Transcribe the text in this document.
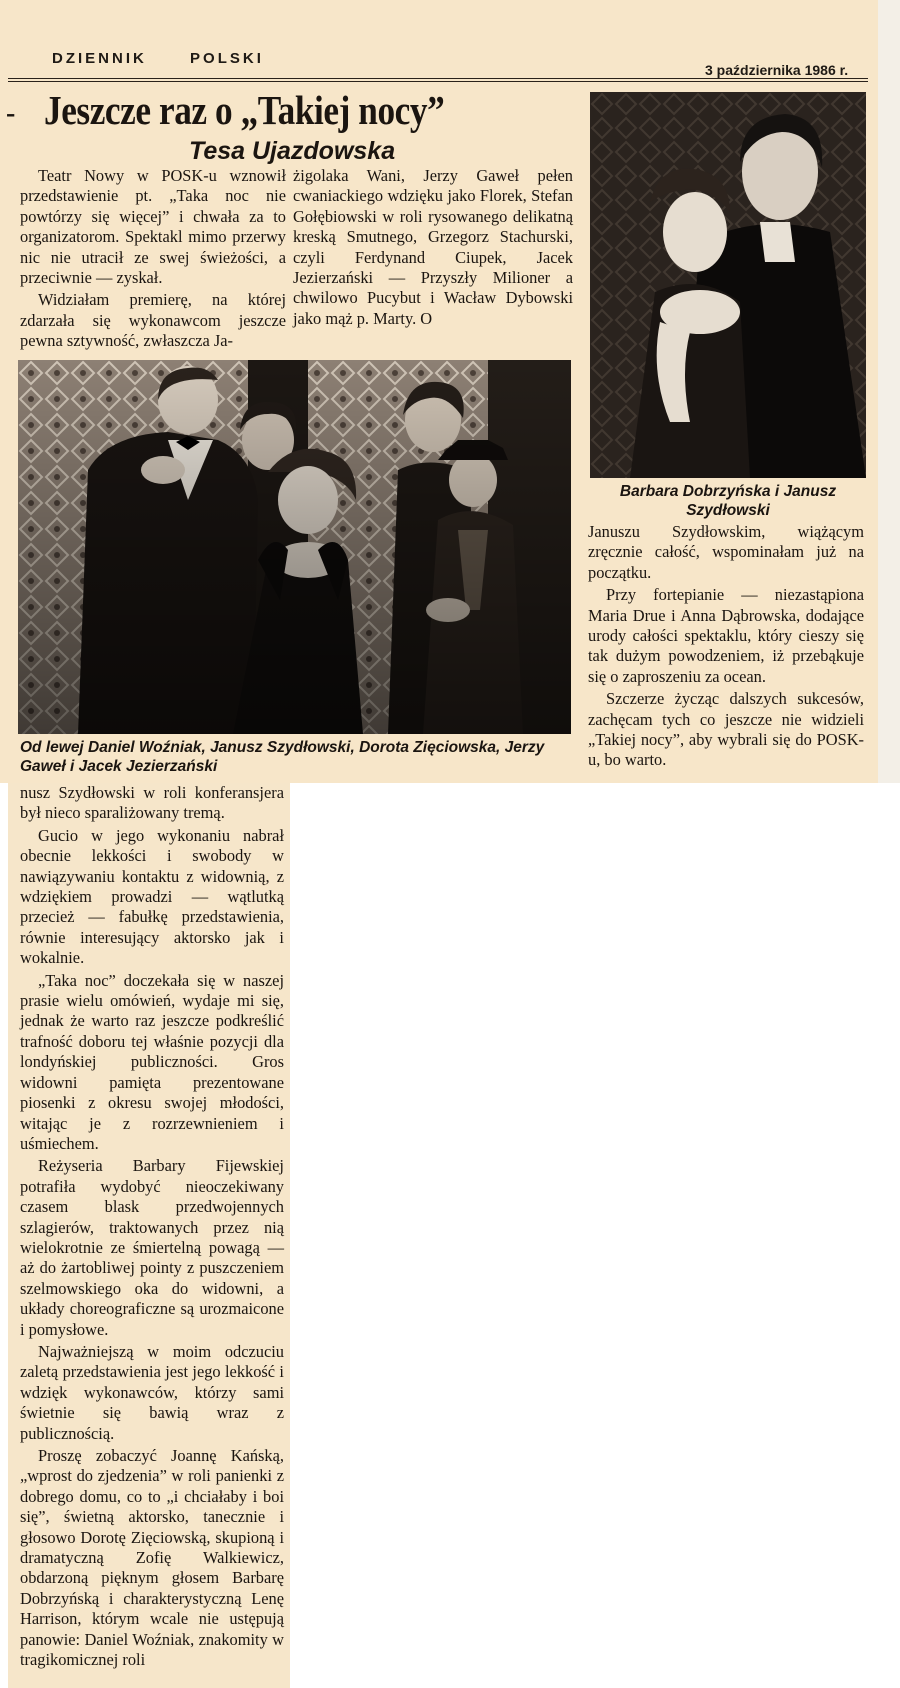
DZIENNIK	POLSKI
3 października 1986 r.
- Jeszcze raz o „Takiej nocy”
Tesa Ujazdowska

Teatr Nowy w POSK-u wznowił przedstawienie pt. „Taka noc nie powtórzy się więcej” i chwała za to organizatorom. Spektakl mimo przerwy nic nie utracił ze swej świeżości, a przeciwnie — zyskał.

Widziałam premierę, na której zdarzała się wykonawcom jeszcze pewna sztywność, zwłaszcza Ja-

żigolaka Wani, Jerzy Gaweł pełen cwaniackiego wdzięku jako Florek, Stefan Gołębiowski w roli rysowanego delikatną kreską Smutnego, Grzegorz Stachurski, czyli Ferdynand Ciupek, Jacek Jezierzański — Przyszły Milioner a chwilowo Pucybut i Wacław Dybowski jako mąż p. Marty. O

Od lewej Daniel Woźniak, Janusz Szydłowski, Dorota Zięciowska, Jerzy Gaweł i Jacek Jezierzański
Barbara Dobrzyńska i Janusz Szydłowski

Januszu Szydłowskim, wiążącym zręcznie całość, wspominałam już na początku.

Przy fortepianie — niezastąpiona Maria Drue i Anna Dąbrowska, dodające urody całości spektaklu, który cieszy się tak dużym powodzeniem, iż przebąkuje się o zaproszeniu za ocean.

Szczerze życząc dalszych sukcesów, zachęcam tych co jeszcze nie widzieli „Takiej nocy”, aby wybrali się do POSK-u, bo warto.

nusz Szydłowski w roli konferansjera był nieco sparaliżowany tremą.

Gucio w jego wykonaniu nabrał obecnie lekkości i swobody w nawiązywaniu kontaktu z widownią, z wdziękiem prowadzi — wątlutką przecież — fabułkę przedstawienia, równie interesujący aktorsko jak i wokalnie.

„Taka noc” doczekała się w naszej prasie wielu omówień, wydaje mi się, jednak że warto raz jeszcze podkreślić trafność doboru tej właśnie pozycji dla londyńskiej publiczności. Gros widowni pamięta prezentowane piosenki z okresu swojej młodości, witając je z rozrzewnieniem i uśmiechem.

Reżyseria Barbary Fijewskiej potrafiła wydobyć nieoczekiwany czasem blask przedwojennych szlagierów, traktowanych przez nią wielokrotnie ze śmiertelną powagą — aż do żartobliwej pointy z puszczeniem szelmowskiego oka do widowni, a układy choreograficzne są urozmaicone i pomysłowe.

Najważniejszą w moim odczuciu zaletą przedstawienia jest jego lekkość i wdzięk wykonawców, którzy sami świetnie się bawią wraz z publicznością.

Proszę zobaczyć Joannę Kańską, „wprost do zjedzenia” w roli panienki z dobrego domu, co to „i chciałaby i boi się”, świetną aktorsko, tanecznie i głosowo Dorotę Zięciowską, skupioną i dramatyczną Zofię Walkiewicz, obdarzoną pięknym głosem Barbarę Dobrzyńską i charakterystyczną Lenę Harrison, którym wcale nie ustępują panowie: Daniel Woźniak, znakomity w tragikomicznej roli
